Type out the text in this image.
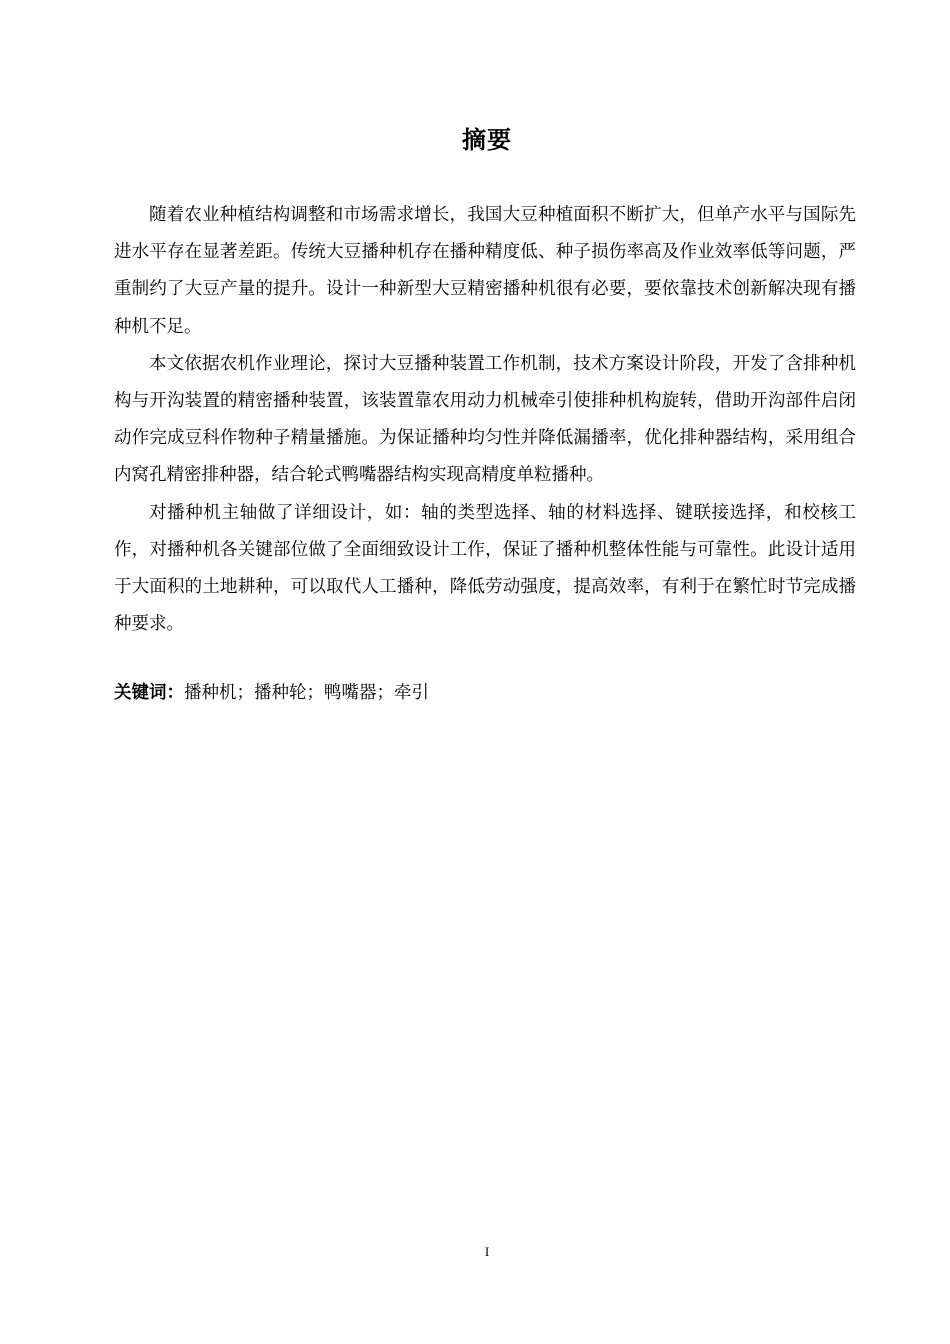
摘要

随着农业种植结构调整和市场需求增长，我国大豆种植面积不断扩大，但单产水平与国际先进水平存在显著差距。传统大豆播种机存在播种精度低、种子损伤率高及作业效率低等问题，严重制约了大豆产量的提升。设计一种新型大豆精密播种机很有必要，要依靠技术创新解决现有播种机不足。

本文依据农机作业理论，探讨大豆播种装置工作机制，技术方案设计阶段，开发了含排种机构与开沟装置的精密播种装置，该装置靠农用动力机械牵引使排种机构旋转，借助开沟部件启闭动作完成豆科作物种子精量播施。为保证播种均匀性并降低漏播率，优化排种器结构，采用组合内窝孔精密排种器，结合轮式鸭嘴器结构实现高精度单粒播种。

对播种机主轴做了详细设计，如：轴的类型选择、轴的材料选择、键联接选择，和校核工作，对播种机各关键部位做了全面细致设计工作，保证了播种机整体性能与可靠性。此设计适用于大面积的土地耕种，可以取代人工播种，降低劳动强度，提高效率，有利于在繁忙时节完成播种要求。

关键词：播种机；播种轮；鸭嘴器；牵引
I
